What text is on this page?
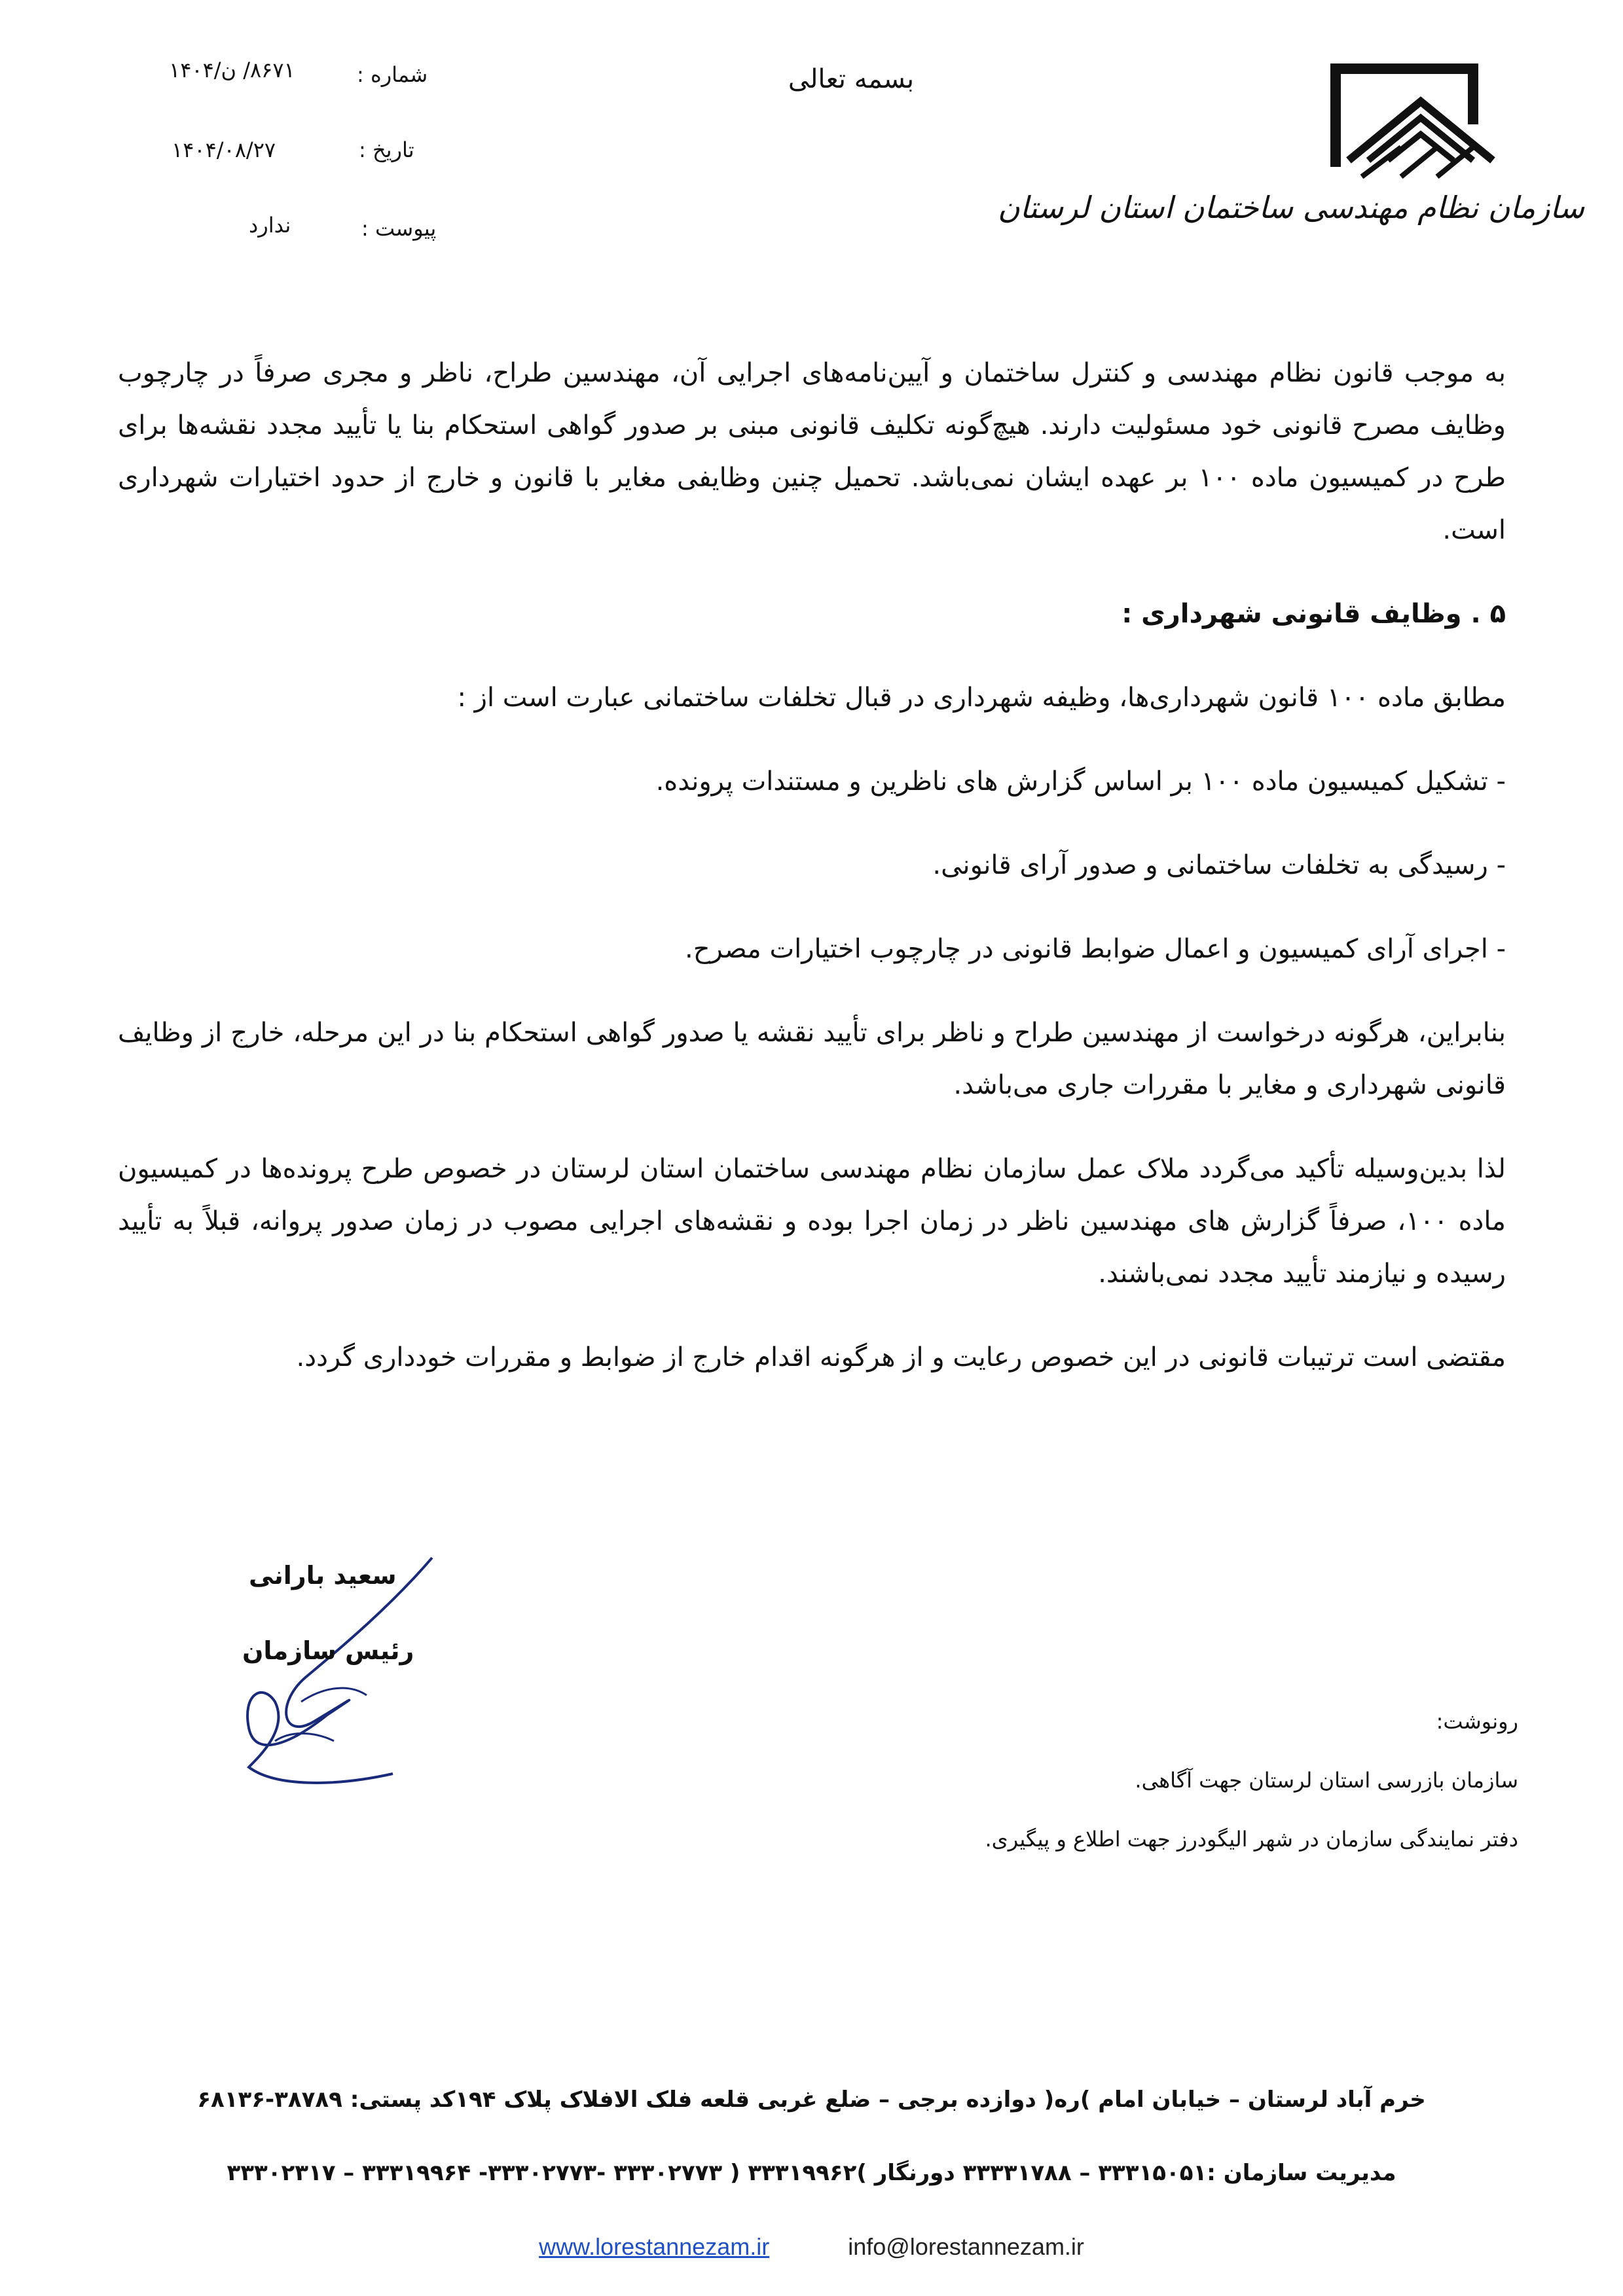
سازمان نظام مهندسی ساختمان استان لرستان
بسمه تعالی
شماره :
۸۶۷۱/ ن/۱۴۰۴
تاریخ :
۱۴۰۴/۰۸/۲۷
پیوست :
ندارد

به موجب قانون نظام مهندسی و کنترل ساختمان و آیین‌نامه‌های اجرایی آن، مهندسین طراح، ناظر و مجری صرفاً در چارچوب وظایف مصرح قانونی خود مسئولیت دارند. هیچ‌گونه تکلیف قانونی مبنی بر صدور گواهی استحکام بنا یا تأیید مجدد نقشه‌ها برای طرح در کمیسیون ماده ۱۰۰ بر عهده ایشان نمی‌باشد. تحمیل چنین وظایفی مغایر با قانون و خارج از حدود اختیارات شهرداری است.

۵ . وظایف قانونی شهرداری :

مطابق ماده ۱۰۰ قانون شهرداری‌ها، وظیفه شهرداری در قبال تخلفات ساختمانی عبارت است از :

- تشکیل کمیسیون ماده ۱۰۰ بر اساس گزارش های ناظرین و مستندات پرونده.

- رسیدگی به تخلفات ساختمانی و صدور آرای قانونی.

- اجرای آرای کمیسیون و اعمال ضوابط قانونی در چارچوب اختیارات مصرح.

بنابراین، هرگونه درخواست از مهندسین طراح و ناظر برای تأیید نقشه یا صدور گواهی استحکام بنا در این مرحله، خارج از وظایف قانونی شهرداری و مغایر با مقررات جاری می‌باشد.

لذا بدین‌وسیله تأکید می‌گردد ملاک عمل سازمان نظام مهندسی ساختمان استان لرستان در خصوص طرح پرونده‌ها در کمیسیون ماده ۱۰۰، صرفاً گزارش های مهندسین ناظر در زمان اجرا بوده و نقشه‌های اجرایی مصوب در زمان صدور پروانه، قبلاً به تأیید رسیده و نیازمند تأیید مجدد نمی‌باشند.

مقتضی است ترتیبات قانونی در این خصوص رعایت و از هرگونه اقدام خارج از ضوابط و مقررات خودداری گردد.

سعید بارانی
رئیس سازمان
رونوشت:
سازمان بازرسی استان لرستان جهت آگاهی.
دفتر نمایندگی سازمان در شهر الیگودرز جهت اطلاع و پیگیری.
خرم آباد لرستان – خیابان امام )ره( دوازده برجی – ضلع غربی قلعه فلک الافلاک پلاک ۱۹۴کد پستی: ۳۸۷۸۹-۶۸۱۳۶
مدیریت سازمان :۳۳۳۱۵۰۵۱ – ۳۳۳۳۱۷۸۸ دورنگار )۳۳۳۱۹۹۶۲ ( ۳۳۳۰۲۷۷۳ -۳۳۳۰۲۷۷۳- ۳۳۳۱۹۹۶۴ – ۳۳۳۰۲۳۱۷
www.lorestannezam.ir	info@lorestannezam.ir
